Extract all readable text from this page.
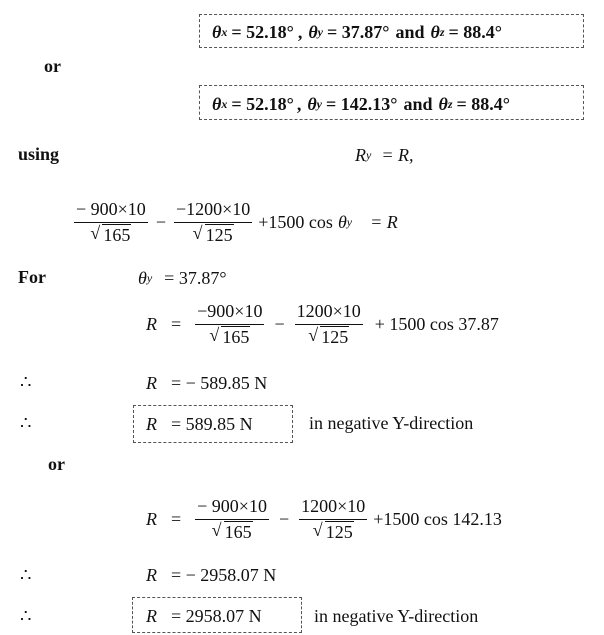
θ x = 52.18° , θ y = 37.87° and θ z = 88.4°
or
θ x = 52.18° , θ y = 142.13° and θ z = 88.4°
using	R y = R,
$\frac{- 900\times 10}{√ 165} - \frac{-1200\times 10}{√ 125} +1500$ cos θ y = R
For	θ y = 37.87°
$R = \frac{-900\times 10}{√ 165} - \frac{1200\times 10}{√ 125} + 1500$ cos 37.87
∴	R = − 589.85 N
∴	R = 589.85 N	in negative Y-direction
or
$R = \frac{- 900\times 10}{√ 165} - \frac{1200\times 10}{√ 125} +1500$ cos 142.13
∴	R = − 2958.07 N
∴	R = 2958.07 N	in negative Y-direction
